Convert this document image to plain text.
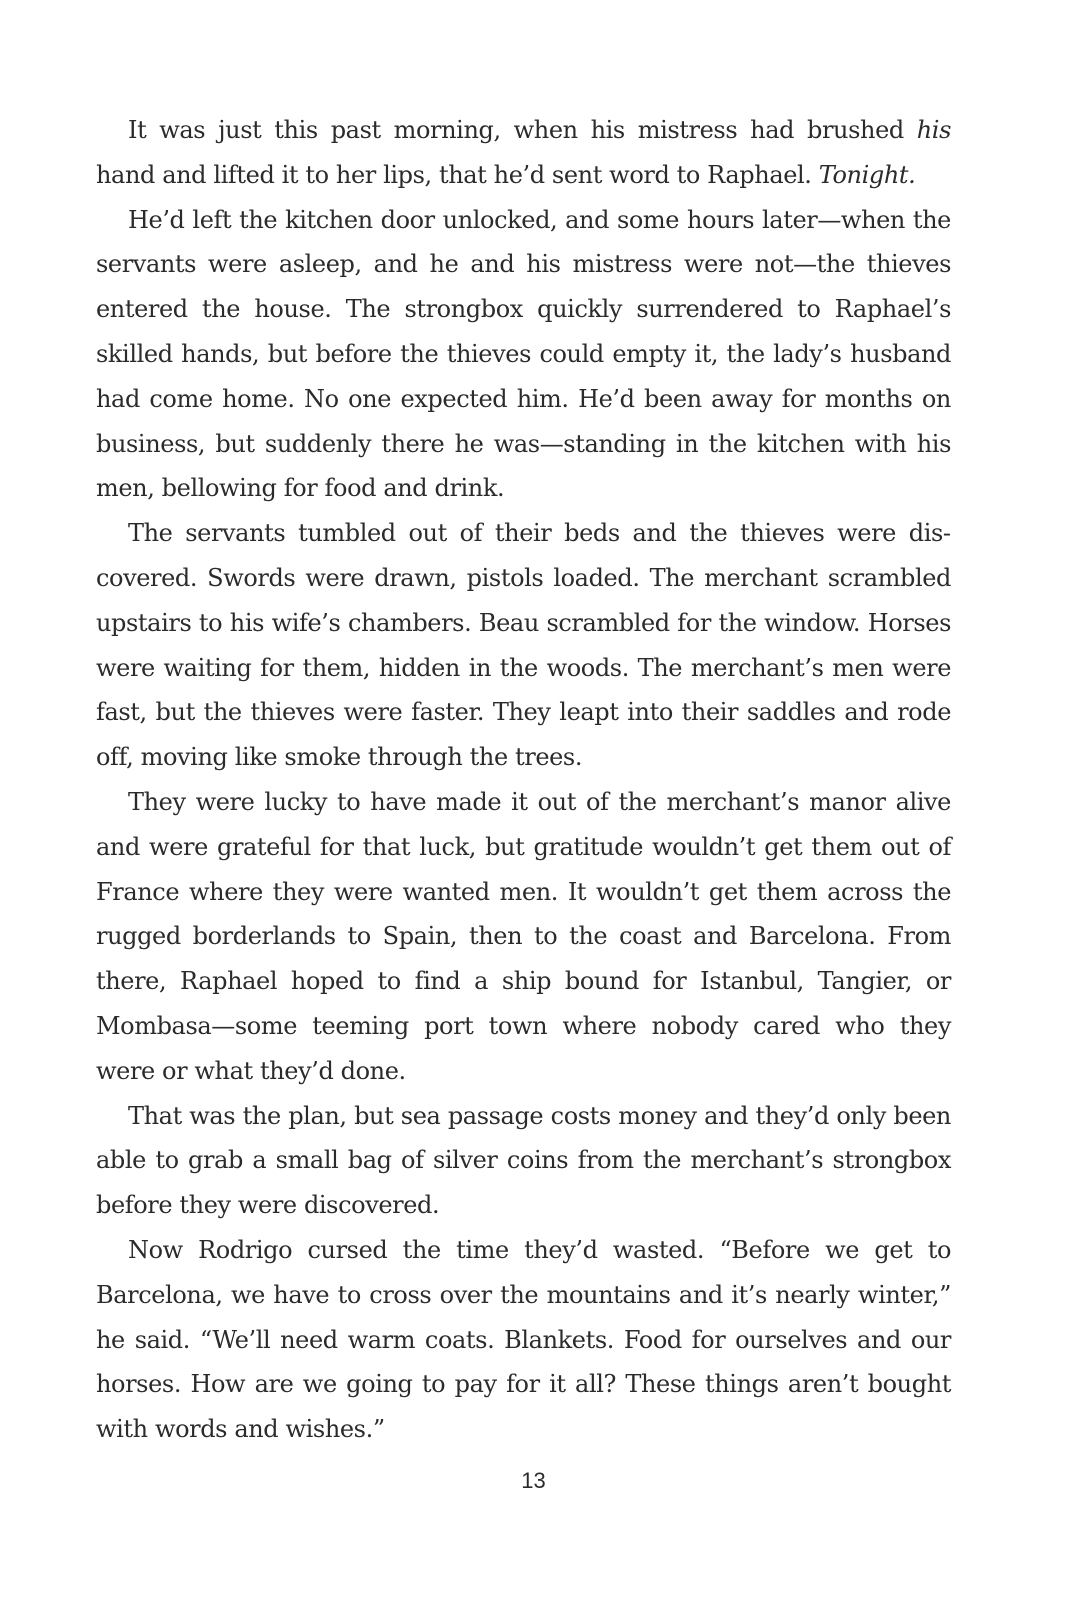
It was just this past morning, when his mistress had brushed his hand and lifted it to her lips, that he’d sent word to Raphael. Tonight.

He’d left the kitchen door unlocked, and some hours later—when the servants were asleep, and he and his mistress were not—the thieves entered the house. The strongbox quickly surrendered to Raphael’s skilled hands, but before the thieves could empty it, the lady’s husband had come home. No one expected him. He’d been away for months on business, but suddenly there he was—standing in the kitchen with his men, bellowing for food and drink.

The servants tumbled out of their beds and the thieves were discovered. Swords were drawn, pistols loaded. The merchant scrambled upstairs to his wife’s chambers. Beau scrambled for the window. Horses were waiting for them, hidden in the woods. The merchant’s men were fast, but the thieves were faster. They leapt into their saddles and rode off, moving like smoke through the trees.

They were lucky to have made it out of the merchant’s manor alive and were grateful for that luck, but gratitude wouldn’t get them out of France where they were wanted men. It wouldn’t get them across the rugged borderlands to Spain, then to the coast and Barcelona. From there, Raphael hoped to find a ship bound for Istanbul, Tangier, or Mombasa—some teeming port town where nobody cared who they were or what they’d done.

That was the plan, but sea passage costs money and they’d only been able to grab a small bag of silver coins from the merchant’s strongbox before they were discovered.

Now Rodrigo cursed the time they’d wasted. “Before we get to Barcelona, we have to cross over the mountains and it’s nearly winter,” he said. “We’ll need warm coats. Blankets. Food for ourselves and our horses. How are we going to pay for it all? These things aren’t bought with words and wishes.”

13
